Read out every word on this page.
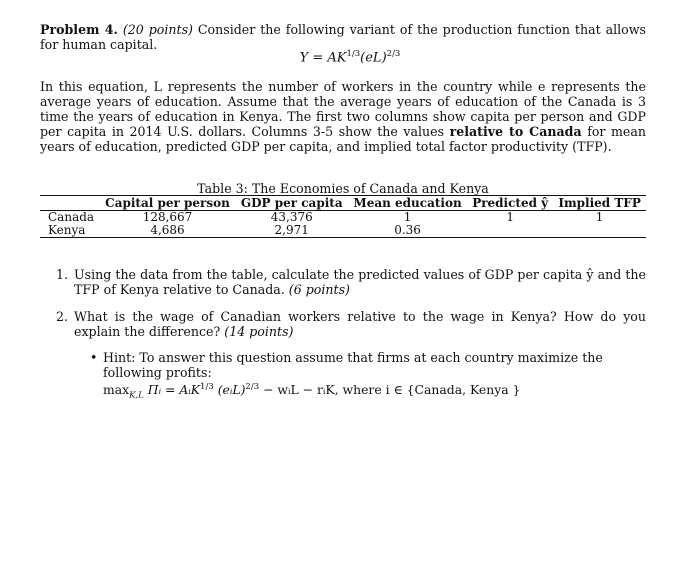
Problem 4. (20 points) Consider the following variant of the production function that allows for human capital.
$Y = AK^{1/3}(eL)^{2/3}$
In this equation, L represents the number of workers in the country while e represents the average years of education. Assume that the average years of education of the Canada is 3 time the years of education in Kenya. The first two columns show capita per person and GDP per capita in 2014 U.S. dollars. Columns 3-5 show the values relative to Canada for mean years of education, predicted GDP per capita, and implied total factor productivity (TFP).
Table 3: The Economies of Canada and Kenya
	Capital per person	GDP per capita	Mean education	Predicted ŷ	Implied TFP
Canada	128,667	43,376	1	1	1
Kenya	4,686	2,971	0.36		
1. Using the data from the table, calculate the predicted values of GDP per capita ŷ and the TFP of Kenya relative to Canada. (6 points)
2. What is the wage of Canadian workers relative to the wage in Kenya? How do you explain the difference? (14 points)
• Hint: To answer this question assume that firms at each country maximize the following profits:
$\max_{K,L}$ Πᵢ = AᵢK$^{1/3}$ (eᵢL)$^{2/3}$ − wᵢL − rᵢK, where i ∈ {Canada, Kenya }
